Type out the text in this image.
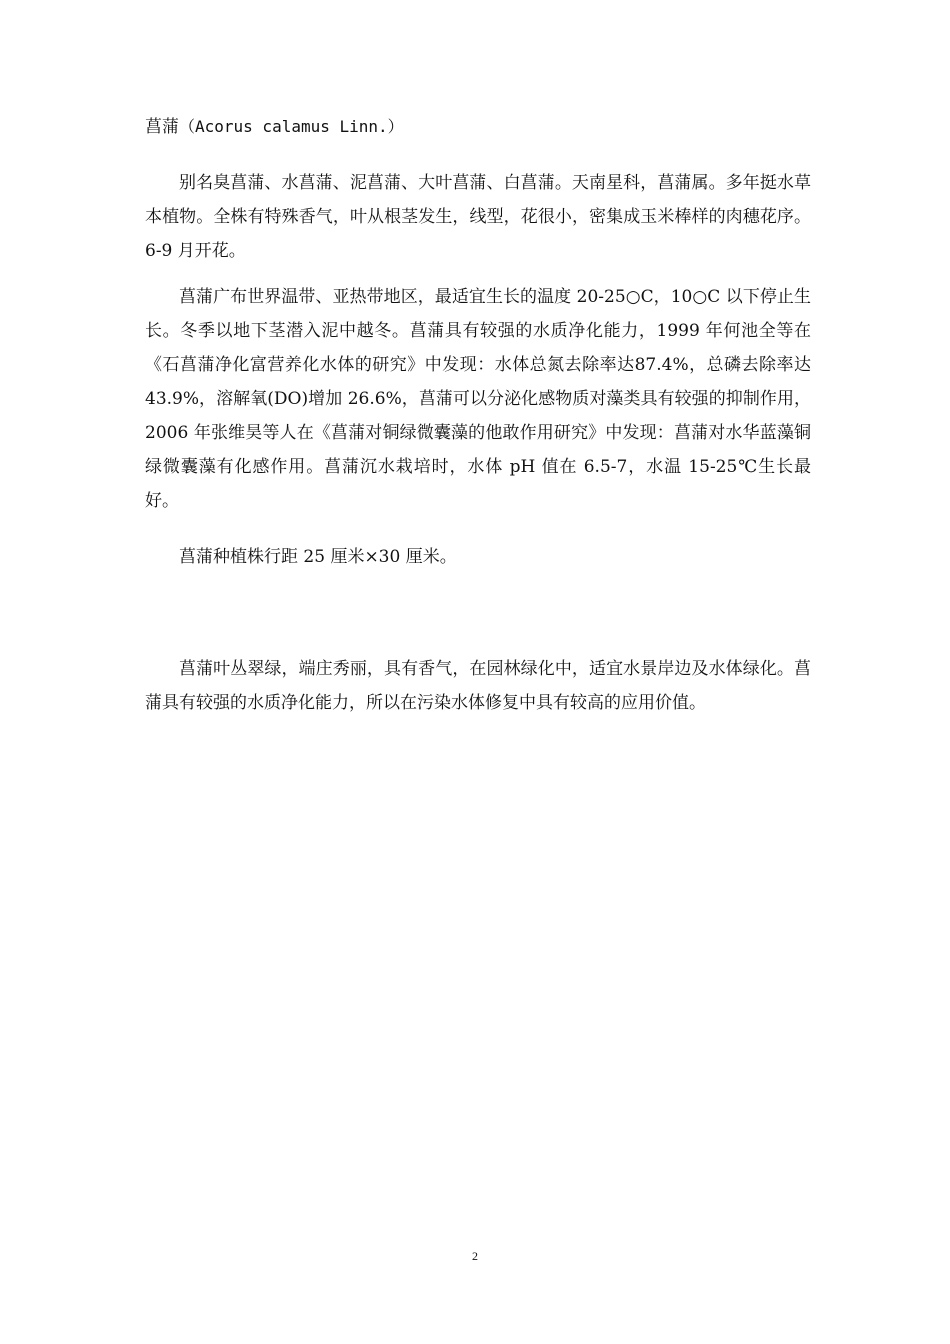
菖蒲（Acorus calamus Linn.）

别名臭菖蒲、水菖蒲、泥菖蒲、大叶菖蒲、白菖蒲。天南星科，菖蒲属。多年挺水草本植物。全株有特殊香气，叶从根茎发生，线型，花很小，密集成玉米棒样的肉穗花序。6-9 月开花。

菖蒲广布世界温带、亚热带地区，最适宜生长的温度 20-25○C，10○C 以下停止生长。冬季以地下茎潜入泥中越冬。菖蒲具有较强的水质净化能力，1999 年何池全等在《石菖蒲净化富营养化水体的研究》中发现：水体总氮去除率达87.4%，总磷去除率达43.9%，溶解氧(DO)增加 26.6%，菖蒲可以分泌化感物质对藻类具有较强的抑制作用，2006 年张维昊等人在《菖蒲对铜绿微囊藻的他敢作用研究》中发现：菖蒲对水华蓝藻铜绿微囊藻有化感作用。菖蒲沉水栽培时，水体 pH 值在 6.5-7，水温 15-25℃生长最好。

菖蒲种植株行距 25 厘米×30 厘米。

菖蒲叶丛翠绿，端庄秀丽，具有香气，在园林绿化中，适宜水景岸边及水体绿化。菖蒲具有较强的水质净化能力，所以在污染水体修复中具有较高的应用价值。

2
